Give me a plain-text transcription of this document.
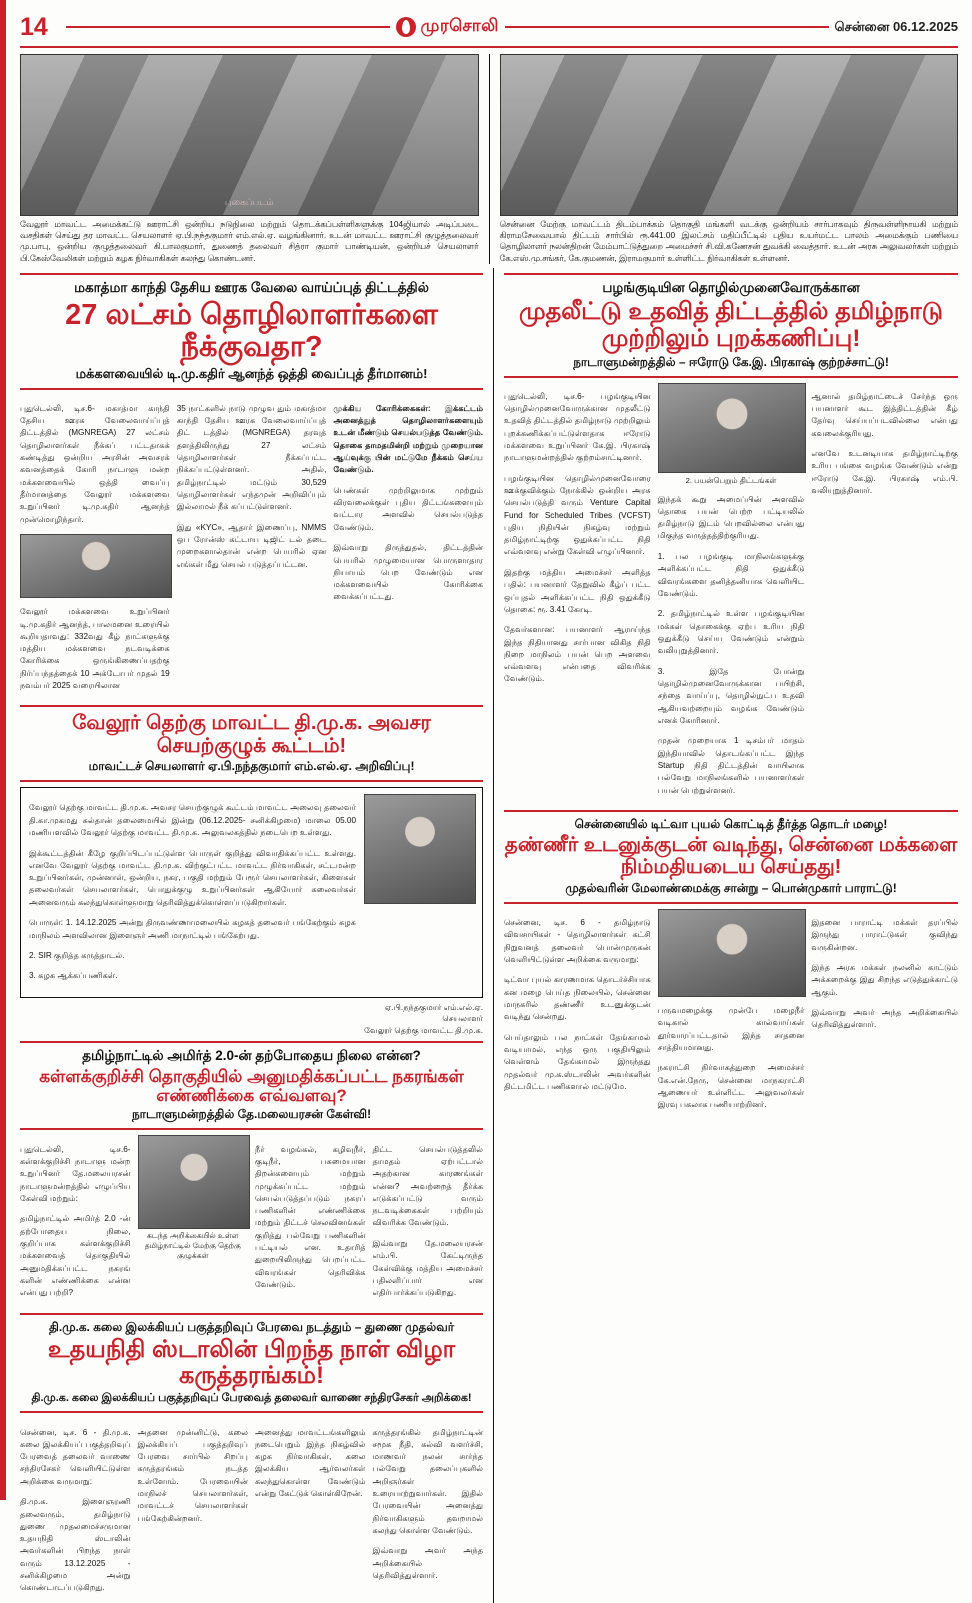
14	முரசொலி	சென்னை 06.12.2025
புகைப்படம்
வேலூர் மாவட்ட அமைக்கட்டு ஊராட்சி ஒன்றிய நடுநிலை மற்றும் தொடக்கப்பள்ளிகளுக்கு 104ஜியால் அடிப்படை வசதிகள் செய்து தர மாவட்ட செயலாளர் ஏ.பி.நந்தகுமார் எம்.எல்.ஏ. வழங்கினார். உடன் மாவட்ட ஊராட்சி குழுத்தலைவர் மு.பாபு, ஒன்றிய குழுத்தலைவர் கி.பாலகுமார், துணைத் தலைவர் சித்ரா குமார் பாண்டியன், ஒன்றியச் செயலாளர் பி.கேஸ்வேலிகள் மற்றும் கழக நிர்வாகிகள் கலந்து கொண்டனர்.
சென்னை மேற்கு மாவட்டம் திடம்பாக்கம் தொகுதி மங்களி வடக்கு ஒன்றியம் சார்பாகவும் திருவள்ளிநாயகி மற்றும் கிராமசேவையால் திட்டம் சார்பில் ரூ.441.00 இலட்சம் மதிப்பீட்டில் புதிய உயர்மட்ட பாலம் அமைக்கும் பணியை தொழிலாளர் நலன்திறன் மேம்பாட்டுத்துறை அமைச்சர் சி.வி.கணேசன் துவக்கி வைத்தார். உடன் அரசு அலுவலர்கள் மற்றும் கே.எஸ்.மு.சங்கர், கே.குமணன், இராமகுமார் உள்ளிட்ட நிர்வாகிகள் உள்ளனர்.
மகாத்மா காந்தி தேசிய ஊரக வேலை வாய்ப்புத் திட்டத்தில்
27 லட்சம் தொழிலாளர்களை நீக்குவதா?
மக்களவையில் டி.மு.கதிர் ஆனந்த் ஒத்தி வைப்புத் தீர்மானம்!

புதுடெல்லி, டிச.6- மகாத்மா காந்தி தேசிய ஊரக வேலைவாய்ப்புத் திட்டத்தில் (MGNREGA) 27 லட்சம் தொழிலாளர்கள் நீக்கப் பட்டதாகக் கண்டித்து ஒன்றிய அரசின் அவசரக் கவனத்தைக் கோரி நாடாளு மன்ற மக்களவையில் ஒத்தி வைப்பு தீர்மானத்தை வேலூர் மக்களவை உறுப்பினர் டி.மு.கதிர் ஆனந்த் முன்மொழிந்தார்.

வேலூர் மக்களவை உறுப்பினர் டி.மு.கதிர் ஆனந்த், பாலமனை உரையில் கூறியதாவது: 332வது கீழ் நாட்களுக்கு மத்திய மக்களவை நடவடிக்கை கோரிக்கை ஒருங்கிணைப்பதற்கு நிர்ப்பந்தத்தைக் 10 அக்டோபர் முதல் 19 நவம்பர் 2025 வரையிலான

35 நாட்களில் நாடு முழுவ தும் மகாத்மா காந்தி தேசிய ஊரக வேலைவாய்ப்புத் திட் டத்தில் (MGNREGA) தரவுத் தளத்திலிருந்து 27 லட்சம் தொழிலாளர்கள் நீக்கப்பட்ட நிக்கப்பட்டுள்ளனர். அதில், தமிழ்நாட்டில் மட்டும் 30,529 தொழிலாளர்கள் எந்தமுன் அறிவிப்பும் இல்லாமல் நீக் கப்பட்டுள்ளனர்.

இது «KYC», ஆதார் இணைப்பு, NMMS ஒப ரோன்ஸ் கட்டாய டிஜிட் டல் தடை முறைகளால்தான் என்ற பெயரில் ஏன எங்கள் மீது செயல் படுத்தப்பட்டன.

முக்கிய கோரிக்கைகள்: இக்கட்டம் அனைத்துத் தொழிலாளர்களையும் உடன் மீண்டும் செயல்படுத்த வேண்டும். தொகை தாமதமின்றி மற்றும் முறையான ஆய்வுக்கு பின் மட்டுமே நீக்கம் செய்ய வேண்டும்.

பெண்கள் முற்றிலுமாக முற்றும் விரவலைக்குள் புதிய திட்டங்களையும் வட்டார அளவில் செயல்படுத்த வேண்டும்.

இவ்வாறு திருத்துதல், திட்டத்தின் பெயரில் முழுமையான பொருளாதார நியாயம் பெற வேண்டும் என மக்களவையில் கோரிக்கை வைக்கப்பட்டது.

வேலூர் தெற்கு மாவட்ட தி.மு.க. அவசர செயற்குழுக் கூட்டம்!
மாவட்டச் செயலாளர் ஏ.பி.நந்தகுமார் எம்.எல்.ஏ. அறிவிப்பு!

வேலூர் தெற்கு மாவட்ட தி.மு.க. அவசர செயற்குழுக் கூட்டம் மாவட்ட அலைவு தலைவர் தி.கா.முகமது சுல்தான் தலைமையில் இன்று (06.12.2025- சனிக்கிழமை) மாலை 05.00 மணியளவில் வேலூர் தெற்கு மாவட்ட தி.மு.க. அலுவலகத்தில் நடைபெற உள்ளது.

இக்கூட்டத்தின் கீழே குறிப்பிடப்பட்டுள்ள பொருள் குறித்து விவாதிக்கப்பட்ட உள்ளது. எனவே வேலூர் தெற்கு மாவட்ட தி.மு.க. விற்குட்பட்ட மாவட்ட நிர்வாகிகள், சட்டமன்ற உறுப்பினர்கள், முன்னாள், ஒன்றிய, நகர, பகுதி மற்றும் பேரூர் செயலாளர்கள், கிளைகள் தலைவர்கள் செயலாளர்கள், பொதுக்குழு உறுப்பினர்கள் ஆகியோர் கலைவர்கள் அனைவரும் கலந்துகொள்ளுமாறு தெரிவித்துக்கொள்ளப்படுகிறார்கள்.

பொருள்: 1. 14.12.2025 அன்று திருவண்ணாமலையில் கழகத் தலைவர் பங்கேற்கும் கழக மாநிலம் அளவிலான இளைஞர் அணி மாநாட்டில் பங்கேற்பது.

2. SIR குறித்த கருத்தாடல்.

3. கழக ஆக்கப்பணிகள்.

ஏ.பி.நந்தகுமார் எம்.எல்.ஏ.
செயலாளர்
வேலூர் தெற்கு மாவட்ட தி.மு.க.
தமிழ்நாட்டில் அமிர்த் 2.0-ன் தற்போதைய நிலை என்ன?
கள்ளக்குறிச்சி தொகுதியில் அனுமதிக்கப்பட்ட நகரங்கள் எண்ணிக்கை எவ்வளவு?
நாடாளுமன்றத்தில் தே.மலையரசன் கேள்வி!

புதுடெல்லி, டிச.6- கள்ளக்குறிச்சி நாடாளு மன்ற உறுப்பினர் தே.மலையரசன் நாடாளுமன்றத்தில் எழுப்பிய கேள்வி மற்றும்:

தமிழ்நாட்டில் அமிர்த் 2.0 -ன் தற்போதைய நிலை, குறிப்பாக கள்ளக்குறிச்சி மக்களவைத் தொகுதியில் அனுமதிக்கப்பட்ட நகரங் களின் எண்ணிக்கை என்ன என்பது பற்றி?

கடந்த அறிக்கையில் உள்ள தமிழ்நாட்டில் மேற்கு தெற்கு குழுக்கள்

நீர் வழங்கல், கழிவுநீர், குடிநீர், பசுமையான திறன்களையும் மற்றும் முழுக்கப்பட்ட மற்றும் செயல்படுத்தப்படும் நகரப் பணிகளின் எண்ணிக்கை மற்றும் திட்டச் செலவினங்கள் குறித்து பல்வேறு பணிகளின் பட்டியல் என. உதாரித் துறையிலிருந்து பெறப்பட்ட விவரங்கள் தெரிவிக்க வேண்டும்.

திட்ட செயல்படுத்தலில் தாமதம் ஏற்பட்டால் அதற்கான காரணங்கள் என்ன? அவற்றைத் தீர்க்க எடுக்கப்பட்டு வரும் நடவடிக்கைகள் பற்றியும் விவரிக்க வேண்டும்.

இவ்வாறு தே.மலையரசன் எம்.பி. கேட்டிருந்த கேள்விக்கு மத்திய அமைச்சர் பதிலளிப்பார் என எதிர்பார்க்கப்படுகிறது.

தி.மு.க. கலை இலக்கியப் பகுத்தறிவுப் பேரவை நடத்தும் – துணை முதல்வர்
உதயநிதி ஸ்டாலின் பிறந்த நாள் விழா கருத்தரங்கம்!
தி.மு.க. கலை இலக்கியப் பகுத்தறிவுப் பேரவைத் தலைவர் வாணை சந்திரசேகர் அறிக்கை!

சென்னை, டிச. 6 - தி.மு.க. கலை இலக்கியப் பகுத்தறிவுப் பேரவைத் தலைவர் வாணை சந்திரசேகர் வெளியிட்டுள்ள அறிக்கை வருமாறு:

தி.மு.க. இளைஞரணி தலைவரும், தமிழ்நாடு துணை முதலமைச்சருமான உதயநிதி ஸ்டாலின் அவர்களின் பிறந்த நாள் வரும் 13.12.2025 - சனிக்கிழமை அன்று கொண்டாடப்படுகிறது.

அதனை முன்னிட்டு, கலை இலக்கியப் பகுத்தறிவுப் பேரவை சார்பில் சிறப்பு கருத்தரங்கம் நடத்த உள்ளோம். பேரவையின் மாநிலச் செயலாளர்கள், மாவட்டச் செயலாளர்கள் பங்கேற்கின்றனர்.

அனைத்து மாவட்டங்களிலும் நடைபெறும் இந்த நிகழ்வில் கழக நிர்வாகிகள், கலை இலக்கிய ஆர்வலர்கள் கலந்துகொள்ள வேண்டும் என்று கேட்டுக் கொள்கிறேன்.

கருத்தரங்கில் தமிழ்நாட்டின் சமூக நீதி, கல்வி வளர்ச்சி, மாணவர் நலன் சார்ந்த பல்வேறு தலைப்புகளில் அறிஞர்கள் உரையாற்றுவார்கள். இதில் பேரவையின் அனைத்து நிர்வாகிகளும் தவறாமல் கலந்து கொள்ள வேண்டும்.

இவ்வாறு அவர் அந்த அறிக்கையில் தெரிவித்துள்ளார்.

பழங்குடியின தொழில்முனைவோருக்கான
முதலீட்டு உதவித் திட்டத்தில் தமிழ்நாடு முற்றிலும் புறக்கணிப்பு!
நாடாளுமன்றத்தில் – ஈரோடு கே.இ. பிரகாஷ் குற்றச்சாட்டு!

புதுடெல்லி, டிச.6- பழங்குடியின தொழில்முனைவோருக்கான முதலீட்டு உதவித் திட்டத்தில் தமிழ்நாடு முற்றிலும் புறக்கணிக்கப்பட்டுள்ளதாக ஈரோடு மக்களவை உறுப்பினர் கே.இ. பிரகாஷ் நாடாளுமன்றத்தில் குற்றம்சாட்டினார்.

பழங்குடியின தொழில்முனைவோரை ஊக்குவிக்கும் நோக்கில் ஒன்றிய அரசு செயல்படுத்தி வரும் Venture Capital Fund for Scheduled Tribes (VCFST) புதிய நிதியின் நிகழ்வு மற்றும் தமிழ்நாட்டிற்கு ஒதுக்கப்பட்ட நிதி எவ்வளவு என்று கேள்வி எழுப்பினார்.

இதற்கு மத்திய அமைச்சர் அளித்த பதில்: பயனாளர் தேறுவில் கீழ்ப் பட்ட ஒப்புதல் அளிக்கப்பட்ட நிதி ஒதுக்கீடு தொகை: ரூ. 3.41 கோடி.

தேவர்களான: பயனாளர் ஆராய்ந்த இந்த நிதியானது சார்பான விகித நிதி நிறை மாநிலம் பயன் பெற அளவை எவ்வளவு என்பதை விவரிக்க வேண்டும்.

2. பயன்பெறும் திட்டங்கள்

இந்தக் கூறு அமைப்பின் அளவில் தொகை பயன் பெற்ற பட்டியலில் தமிழ்நாடு இடம் பெறவில்லை என்பது மிகுந்த வருத்தத்திற்குரியது.

1. பல பழங்குடி மாநிலங்களுக்கு அளிக்கப்பட்ட நிதி ஒதுக்கீடு விவரங்களை தனித்தனியாக வெளியிட வேண்டும்.

2. தமிழ்நாட்டில் உள்ள பழங்குடியின மக்கள் தொகைக்கு ஏற்ப உரிய நிதி ஒதுக்கீடு செய்ய வேண்டும் என்றும் வலியுறுத்தினார்.

3. இதே போன்று தொழில்முனைவோருக்கான பயிற்சி, சந்தை வாய்ப்பு, தொழில்நுட்ப உதவி ஆகியவற்றையும் வழங்க வேண்டும் எனக் கோரினார்.

முதன் முறையாக 1 டிசம்பர் மாதம் இந்தியாவில் தொடங்கப்பட்ட இந்த Startup நிதி திட்டத்தின் வாயிலாக பல்வேறு மாநிலங்களில் பயனாளர்கள் பயன் பெற்றுள்ளனர்.

ஆனால் தமிழ்நாட்டைச் சேர்ந்த ஒரு பயனாளர் கூட இத்திட்டத்தின் கீழ் தேர்வு செய்யப்படவில்லை என்பது கவலைக்குரியது.

எனவே உடனடியாக தமிழ்நாட்டிற்கு உரிய பங்கை வழங்க வேண்டும் என்று ஈரோடு கே.இ. பிரகாஷ் எம்.பி. வலியுறுத்தினார்.

சென்னையில் டிட்வா புயல் கொட்டித் தீர்த்த தொடர் மழை!
தண்ணீர் உடனுக்குடன் வடிந்து, சென்னை மக்களை நிம்மதியடைய செய்தது!
முதல்வரின் மேலாண்மைக்கு சான்று – பொன்முகார் பாராட்டு!

சென்னை, டிச. 6 - தமிழ்நாடு விவசாயிகள் - தொழிலாளர்கள் கட்சி நிறுவனத் தலைவர் பொன்முருகன் வெளியிட்டுள்ள அறிக்கை வருமாறு:

டிட்வா புயல் காரணமாக தொடர்ச்சியாக கன மழை பெய்த நிலையில், சென்னை மாநகரில் தண்ணீர் உடனுக்குடன் வடிந்து சென்றது.

பெய்தாலும் பல நாட்கள் தேங்காமல் வடியாமல், எந்த ஒரு பகுதியிலும் வெள்ளம் தேங்காமல் இருந்தது முதல்வர் மு.க.ஸ்டாலின் அவர்களின் திட்டமிட்ட பணிகளால் மட்டுமே.

பருவமழைக்கு முன்பே மழைநீர் வடிகால் கால்வாய்கள் தூர்வாரப்பட்டதால் இந்த சாதனை சாத்தியமானது.

நகராட்சி நிர்வாகத்துறை அமைச்சர் கே.என்.நேரு, சென்னை மாநகராட்சி ஆணையர் உள்ளிட்ட அலுவலர்கள் இரவு பகலாக பணியாற்றினர்.

இதனை பாராட்டி மக்கள் தரப்பில் இருந்து பாராட்டுகள் குவிந்து வருகின்றன.

இந்த அரசு மக்கள் நலனில் காட்டும் அக்கறைக்கு இது சிறந்த எடுத்துக்காட்டு ஆகும்.

இவ்வாறு அவர் அந்த அறிக்கையில் தெரிவித்துள்ளார்.
